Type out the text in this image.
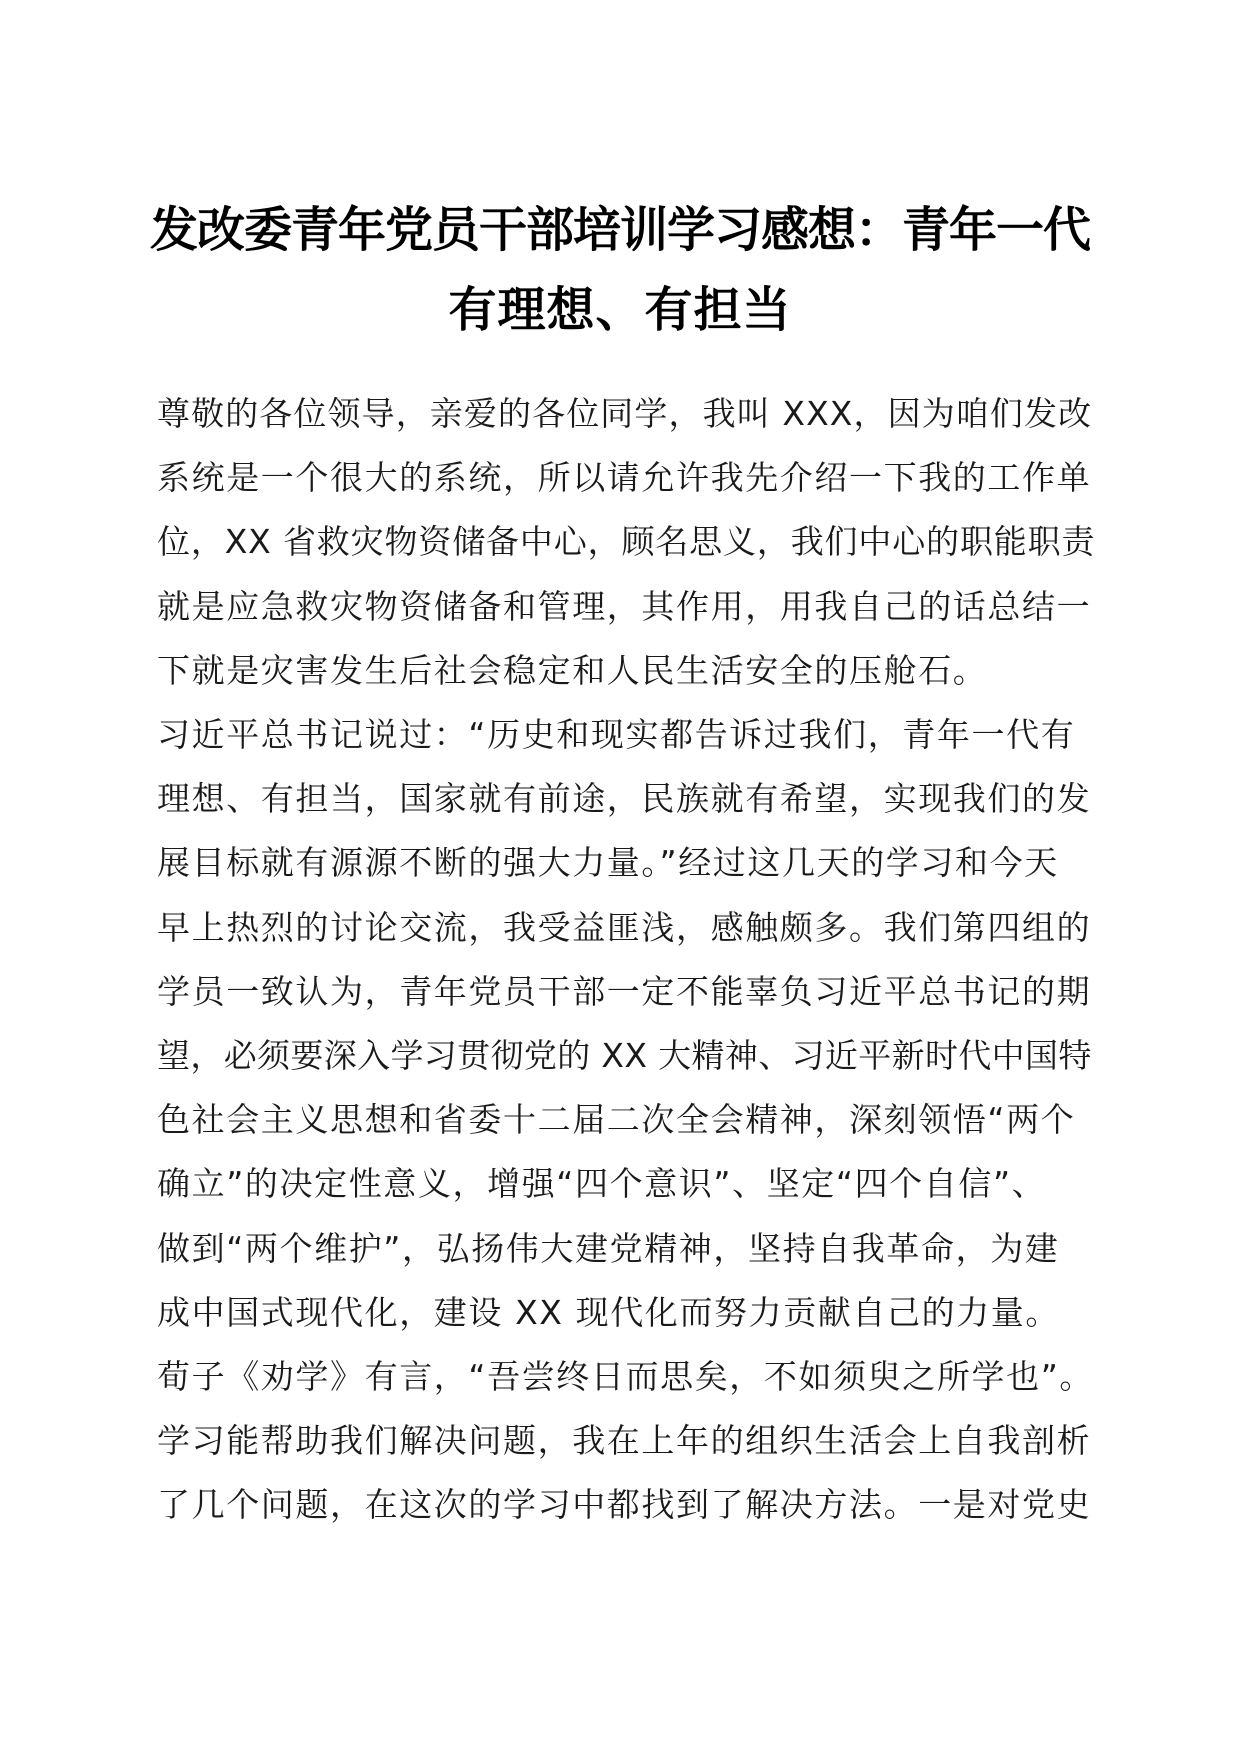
发改委青年党员干部培训学习感想：青年一代
有理想、有担当
尊敬的各位领导，亲爱的各位同学，我叫 XXX，因为咱们发改
系统是一个很大的系统，所以请允许我先介绍一下我的工作单
位，XX 省救灾物资储备中心，顾名思义，我们中心的职能职责
就是应急救灾物资储备和管理，其作用，用我自己的话总结一
下就是灾害发生后社会稳定和人民生活安全的压舱石。
习近平总书记说过：“历史和现实都告诉过我们，青年一代有
理想、有担当，国家就有前途，民族就有希望，实现我们的发
展目标就有源源不断的强大力量。”经过这几天的学习和今天
早上热烈的讨论交流，我受益匪浅，感触颇多。我们第四组的
学员一致认为，青年党员干部一定不能辜负习近平总书记的期
望，必须要深入学习贯彻党的 XX 大精神、习近平新时代中国特
色社会主义思想和省委十二届二次全会精神，深刻领悟“两个
确立”的决定性意义，增强“四个意识”、坚定“四个自信”、
做到“两个维护”，弘扬伟大建党精神，坚持自我革命，为建
成中国式现代化，建设 XX 现代化而努力贡献自己的力量。
荀子《劝学》有言，“吾尝终日而思矣，不如须臾之所学也”。
学习能帮助我们解决问题，我在上年的组织生活会上自我剖析
了几个问题，在这次的学习中都找到了解决方法。一是对党史
